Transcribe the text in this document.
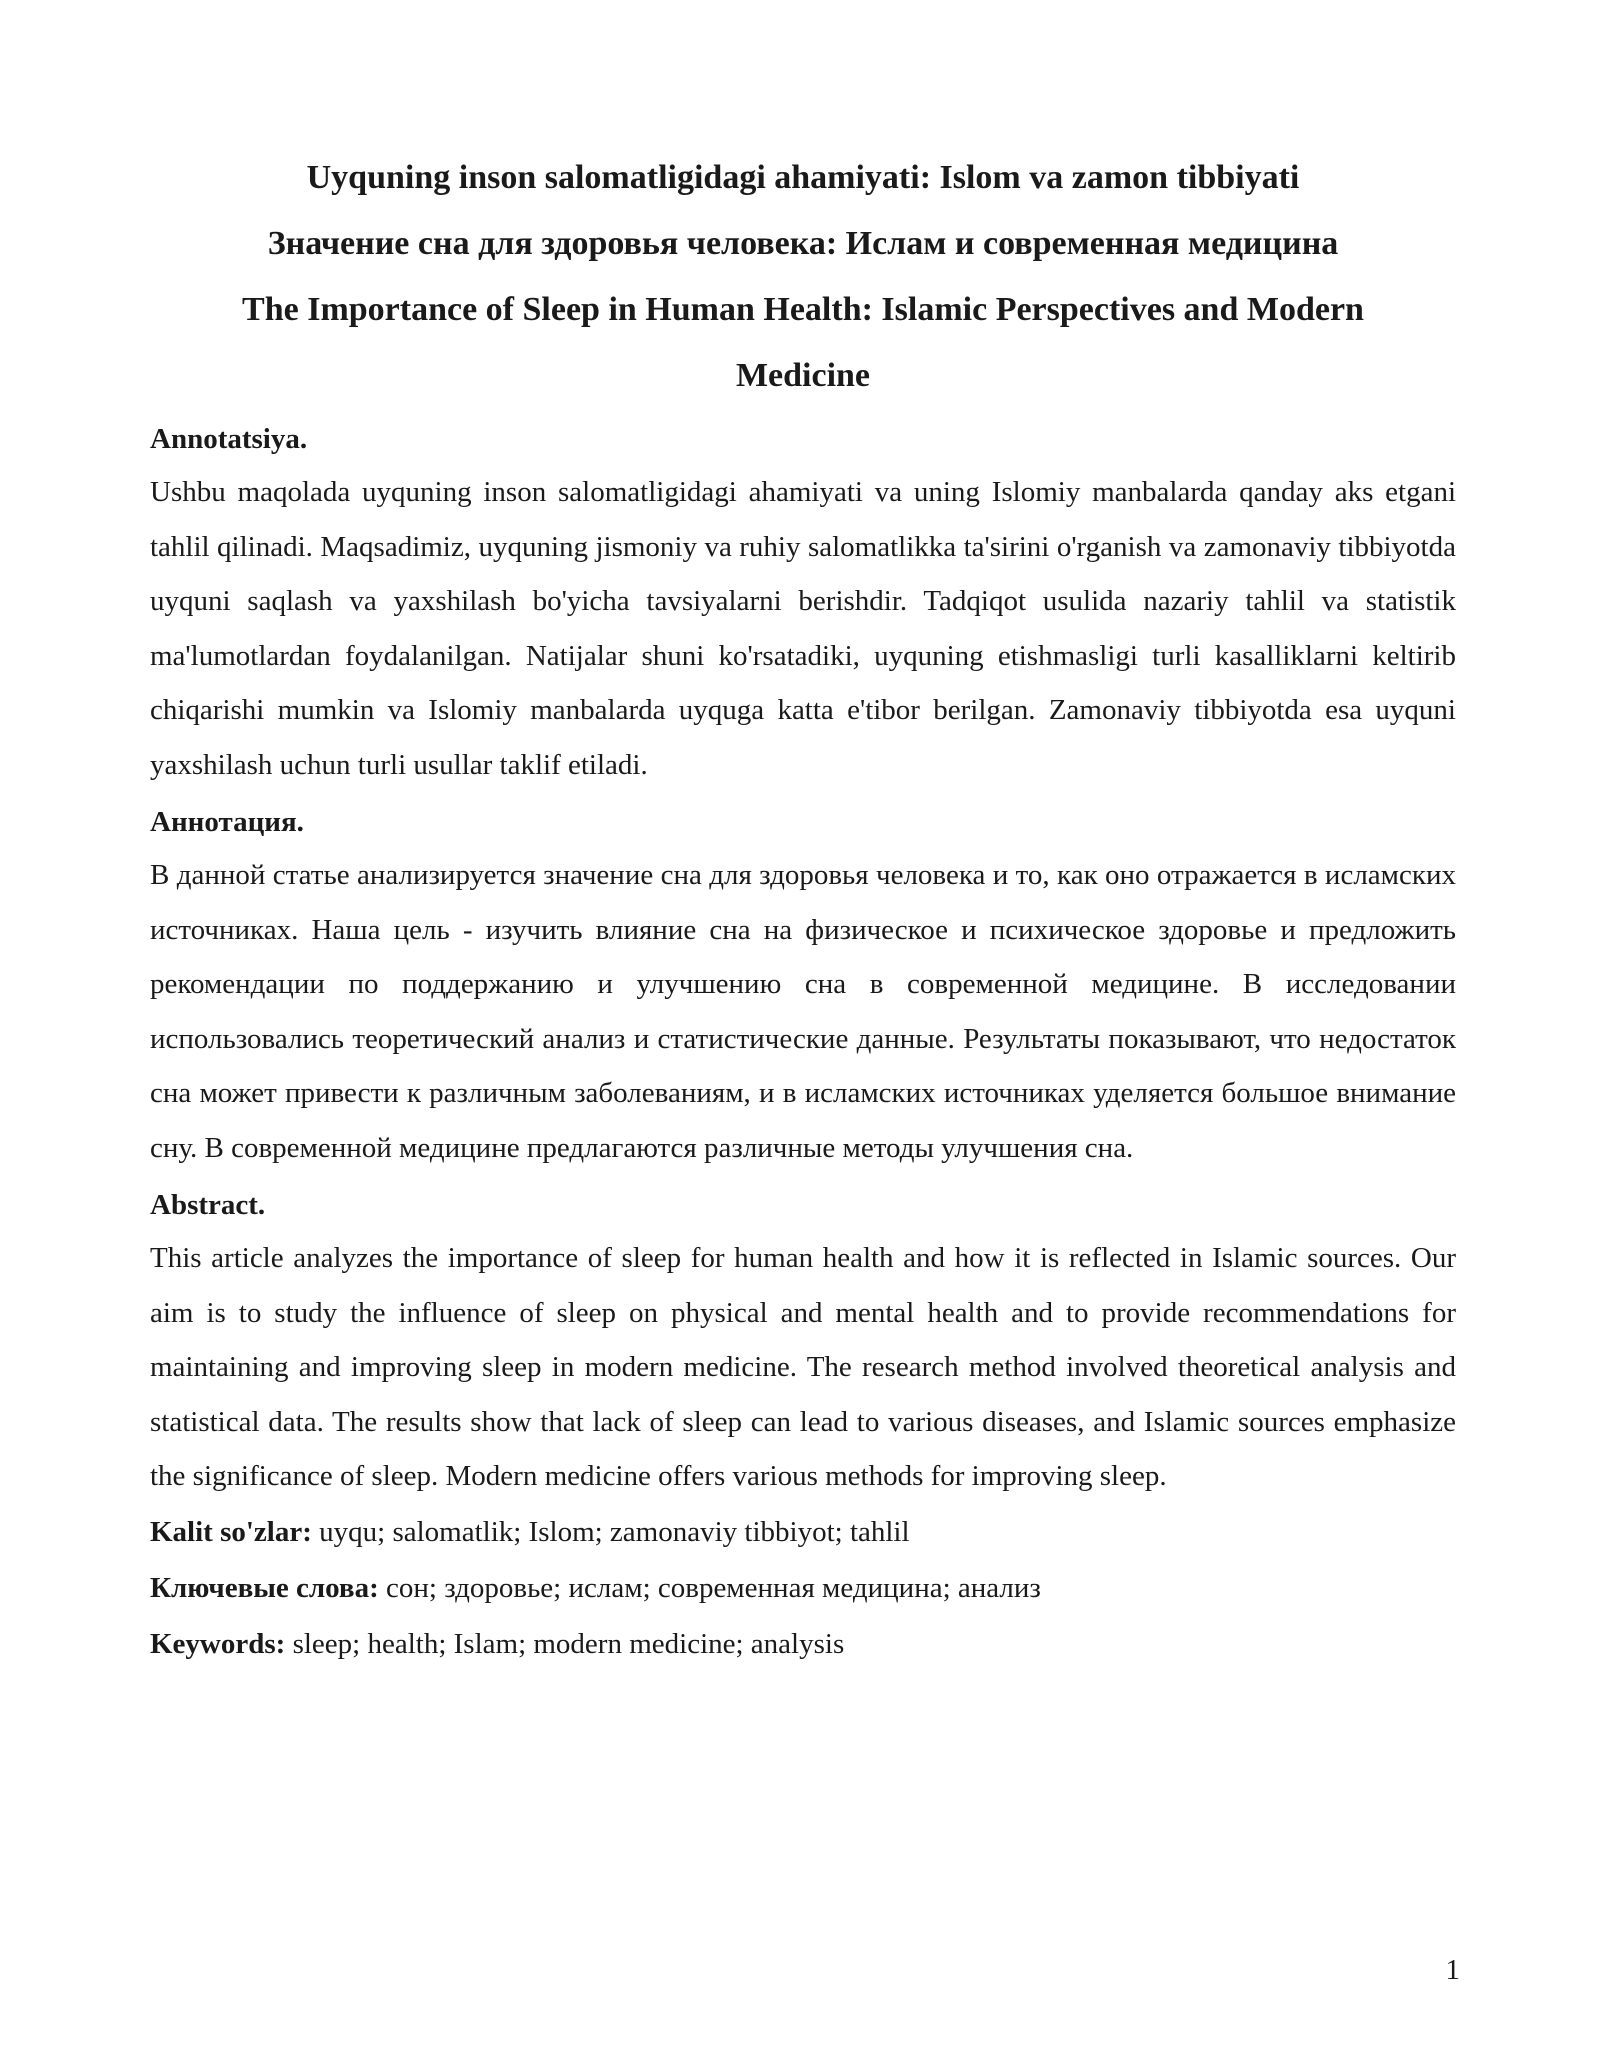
Uyquning inson salomatligidagi ahamiyati: Islom va zamon tibbiyati
Значение сна для здоровья человека: Ислам и современная медицина
The Importance of Sleep in Human Health: Islamic Perspectives and Modern
Medicine
Annotatsiya.

Ushbu maqolada uyquning inson salomatligidagi ahamiyati va uning Islomiy manbalarda qanday aks etgani tahlil qilinadi. Maqsadimiz, uyquning jismoniy va ruhiy salomatlikka ta'sirini o'rganish va zamonaviy tibbiyotda uyquni saqlash va yaxshilash bo'yicha tavsiyalarni berishdir. Tadqiqot usulida nazariy tahlil va statistik ma'lumotlardan foydalanilgan. Natijalar shuni ko'rsatadiki, uyquning etishmasligi turli kasalliklarni keltirib chiqarishi mumkin va Islomiy manbalarda uyquga katta e'tibor berilgan. Zamonaviy tibbiyotda esa uyquni yaxshilash uchun turli usullar taklif etiladi.

Аннотация.

В данной статье анализируется значение сна для здоровья человека и то, как оно отражается в исламских источниках. Наша цель - изучить влияние сна на физическое и психическое здоровье и предложить рекомендации по поддержанию и улучшению сна в современной медицине. В исследовании использовались теоретический анализ и статистические данные. Результаты показывают, что недостаток сна может привести к различным заболеваниям, и в исламских источниках уделяется большое внимание сну. В современной медицине предлагаются различные методы улучшения сна.

Abstract.

This article analyzes the importance of sleep for human health and how it is reflected in Islamic sources. Our aim is to study the influence of sleep on physical and mental health and to provide recommendations for maintaining and improving sleep in modern medicine. The research method involved theoretical analysis and statistical data. The results show that lack of sleep can lead to various diseases, and Islamic sources emphasize the significance of sleep. Modern medicine offers various methods for improving sleep.

Kalit so'zlar: uyqu; salomatlik; Islom; zamonaviy tibbiyot; tahlil
Ключевые слова: сон; здоровье; ислам; современная медицина; анализ
Keywords: sleep; health; Islam; modern medicine; analysis
1
